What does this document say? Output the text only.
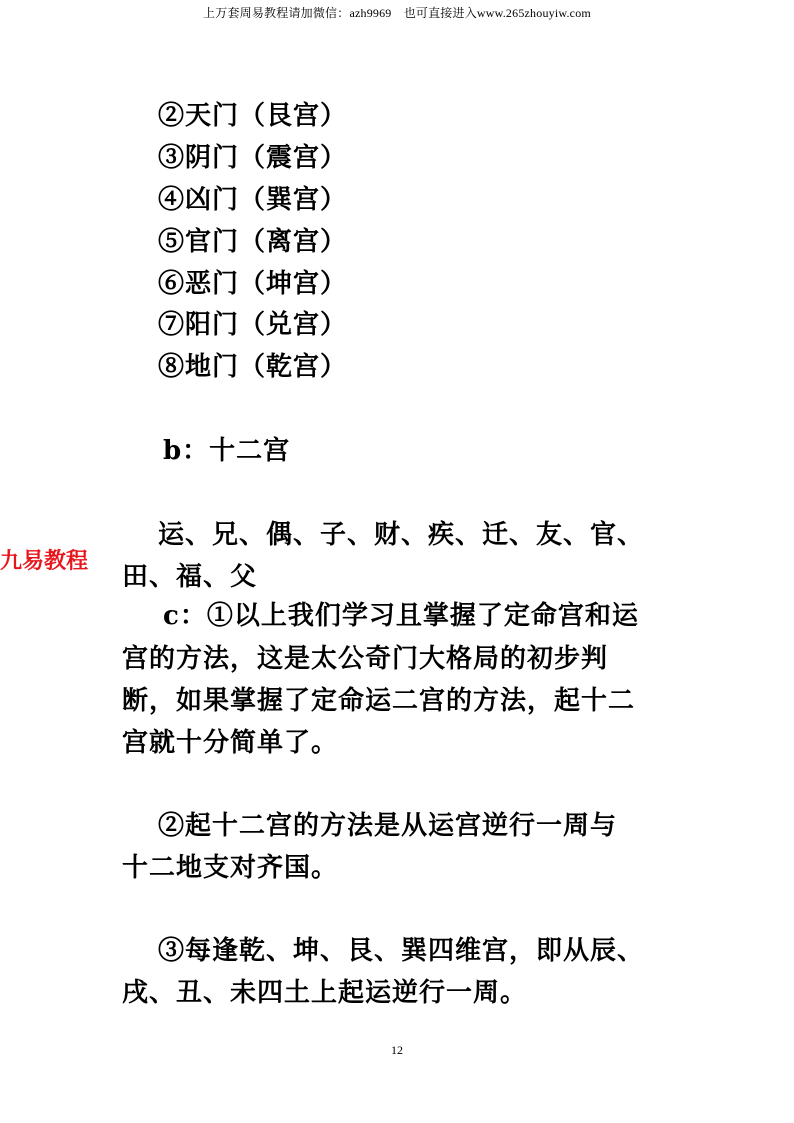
上万套周易教程请加微信：azh9969　也可直接进入www.265zhouyiw.com
②天门（艮宫）
③阴门（震宫）
④凶门（巽宫）
⑤官门（离宫）
⑥恶门（坤宫）
⑦阳门（兑宫）
⑧地门（乾宫）
b：十二宫
运、兄、偶、子、财、疾、迁、友、官、
田、福、父
c：①以上我们学习且掌握了定命宫和运
宫的方法，这是太公奇门大格局的初步判
断，如果掌握了定命运二宫的方法，起十二
宫就十分简单了。
②起十二宫的方法是从运宫逆行一周与
十二地支对齐国。
③每逢乾、坤、艮、巽四维宫，即从辰、
戌、丑、未四土上起运逆行一周。
九易教程
12
